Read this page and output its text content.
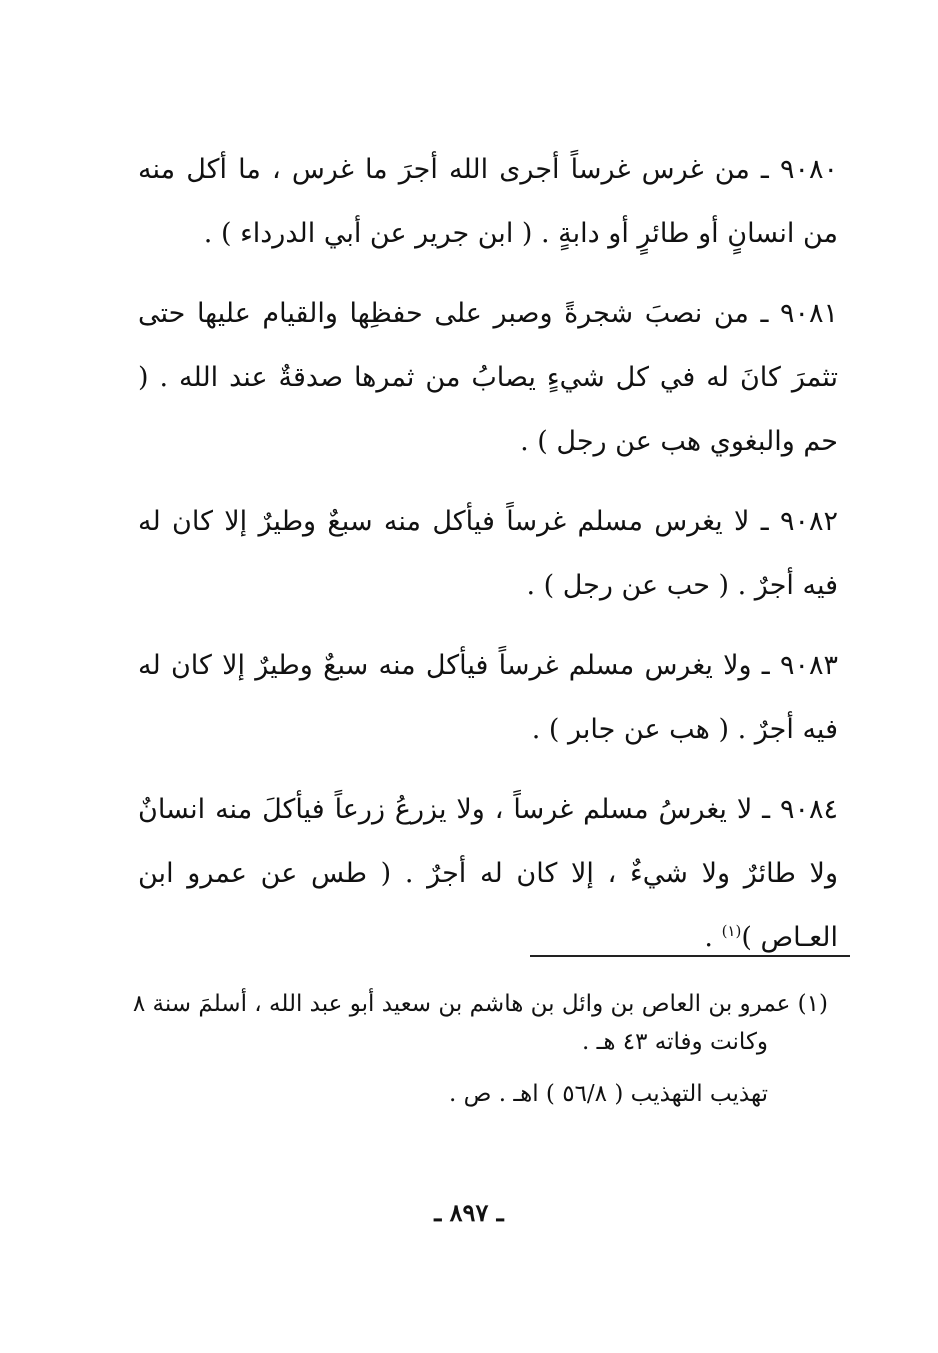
٩٠٨٠ ـ من غرس غرساً أجرى الله أجرَ ما غرس ، ما أكل منه من انسانٍ أو طائرٍ أو دابةٍ . ( ابن جرير عن أبي الدرداء ) .

٩٠٨١ ـ من نصبَ شجرةً وصبر على حفظِها والقيام عليها حتى تثمرَ كانَ له في كل شيءٍ يصابُ من ثمرها صدقةٌ عند الله . ( حم والبغوي هب عن رجل ) .

٩٠٨٢ ـ لا يغرس مسلم غرساً فيأكل منه سبعٌ وطيرٌ إلا كان له فيه أجرٌ . ( حب عن رجل ) .

٩٠٨٣ ـ ولا يغرس مسلم غرساً فيأكل منه سبعٌ وطيرٌ إلا كان له فيه أجرٌ . ( هب عن جابر ) .

٩٠٨٤ ـ لا يغرسُ مسلم غرساً ، ولا يزرعُ زرعاً فيأكلَ منه انسانٌ ولا طائرٌ ولا شيءٌ ، إلا كان له أجرٌ . ( طس عن عمرو ابن العـاص )$^{(١)}$ .

(١) عمرو بن العاص بن وائل بن هاشم بن سعيد أبو عبد الله ، أسلمَ سنة ٨

وكانت وفاته ٤٣ هـ .

تهذيب التهذيب ( ٥٦/٨ ) اهـ . ص .

ـ ٨٩٧ ـ
